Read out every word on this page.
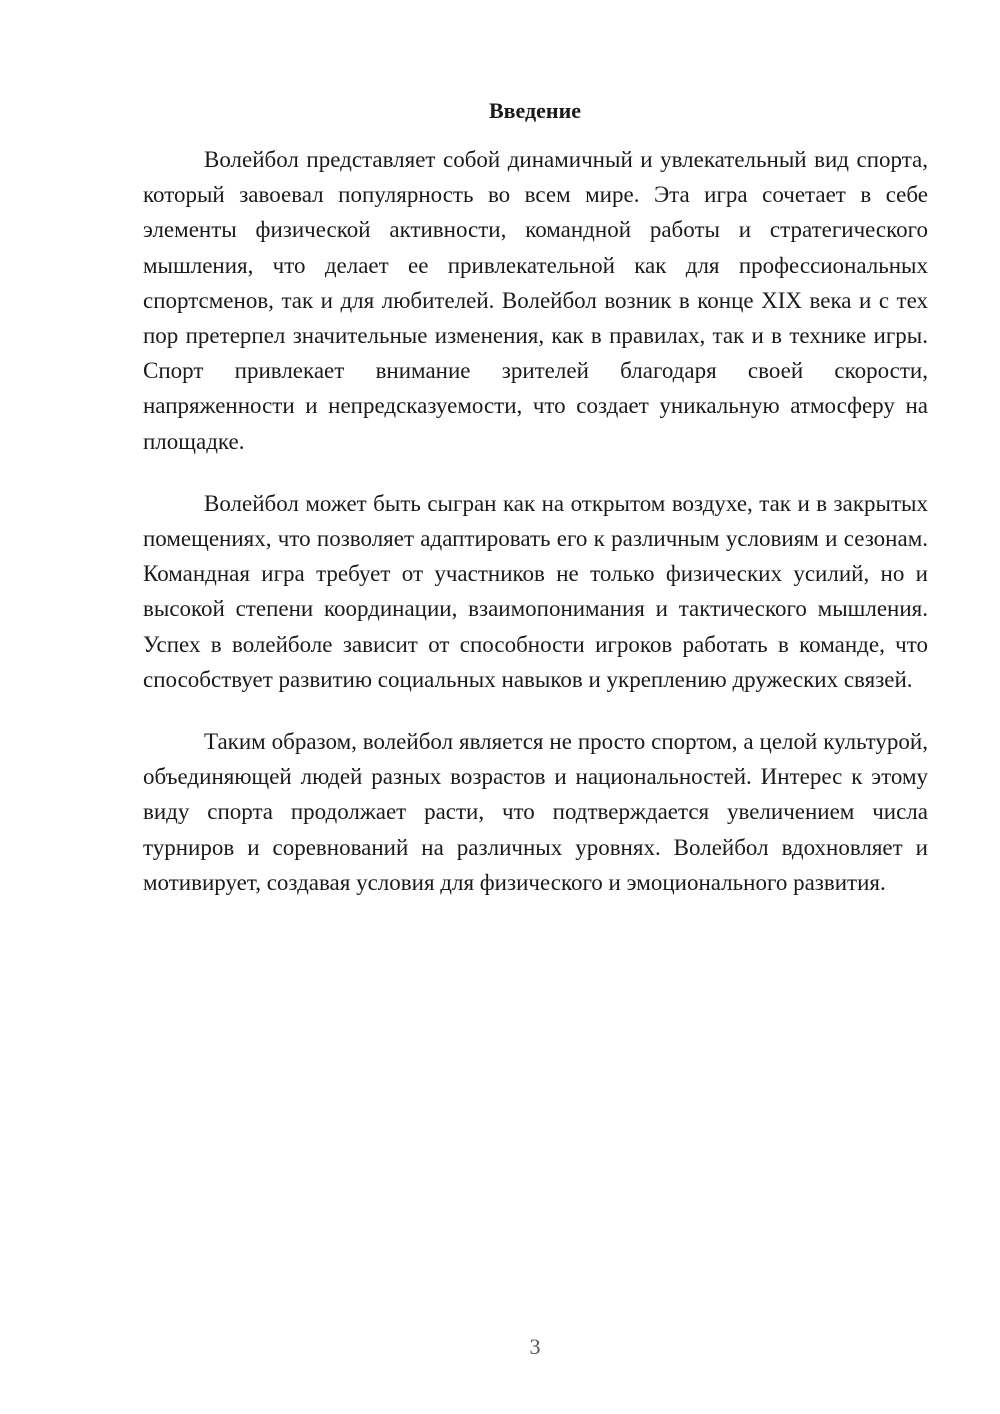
Введение

Волейбол представляет собой динамичный и увлекательный вид спорта, который завоевал популярность во всем мире. Эта игра сочетает в себе элементы физической активности, командной работы и стратегического мышления, что делает ее привлекательной как для профессиональных спортсменов, так и для любителей. Волейбол возник в конце XIX века и с тех пор претерпел значительные изменения, как в правилах, так и в технике игры. Спорт привлекает внимание зрителей благодаря своей скорости, напряженности и непредсказуемости, что создает уникальную атмосферу на площадке.

Волейбол может быть сыгран как на открытом воздухе, так и в закрытых помещениях, что позволяет адаптировать его к различным условиям и сезонам. Командная игра требует от участников не только физических усилий, но и высокой степени координации, взаимопонимания и тактического мышления. Успех в волейболе зависит от способности игроков работать в команде, что способствует развитию социальных навыков и укреплению дружеских связей.

Таким образом, волейбол является не просто спортом, а целой культурой, объединяющей людей разных возрастов и национальностей. Интерес к этому виду спорта продолжает расти, что подтверждается увеличением числа турниров и соревнований на различных уровнях. Волейбол вдохновляет и мотивирует, создавая условия для физического и эмоционального развития.

3
